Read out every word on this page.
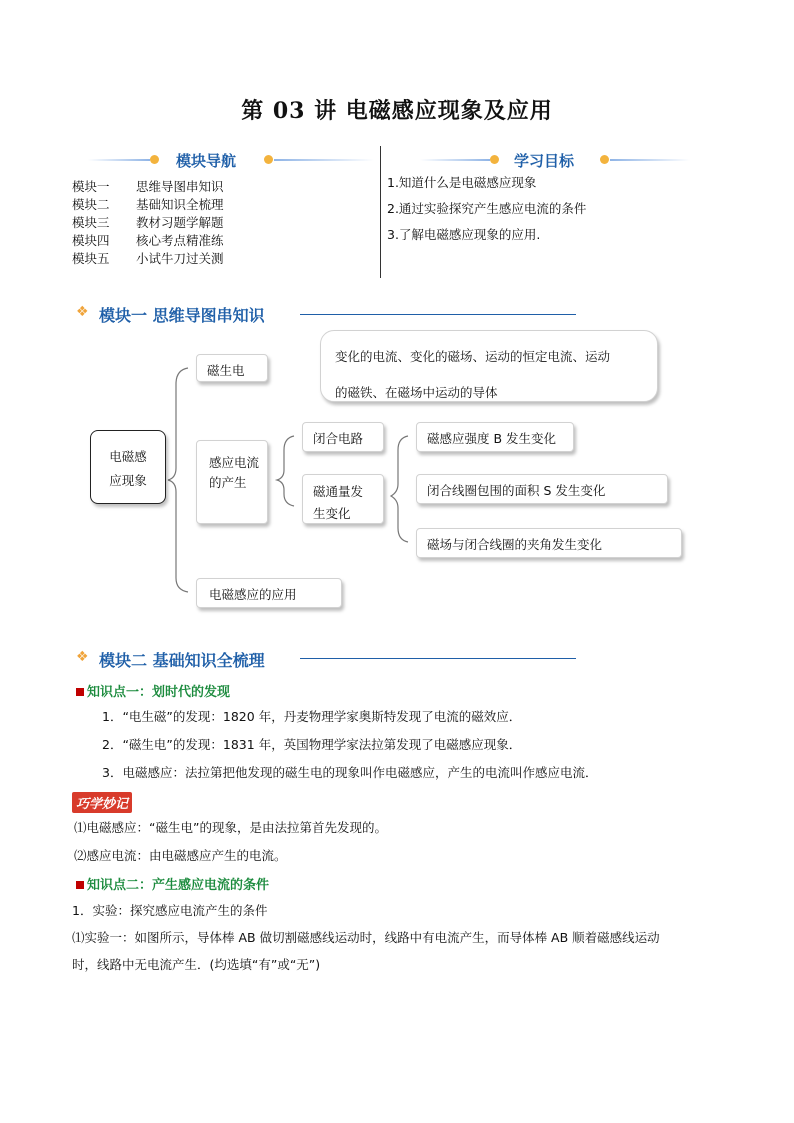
第 03 讲 电磁感应现象及应用
模块导航
模块一 思维导图串知识
模块二 基础知识全梳理
模块三 教材习题学解题
模块四 核心考点精准练
模块五 小试牛刀过关测
学习目标
1.知道什么是电磁感应现象
2.通过实验探究产生感应电流的条件
3.了解电磁感应现象的应用.
❖ 模块一 思维导图串知识
电磁感
应现象
磁生电
变化的电流、变化的磁场、运动的恒定电流、运动
的磁铁、在磁场中运动的导体
感应电流
的产生
闭合电路
磁通量发
生变化
磁感应强度 B 发生变化
闭合线圈包围的面积 S 发生变化
磁场与闭合线圈的夹角发生变化
电磁感应的应用
❖ 模块二 基础知识全梳理
知识点一：划时代的发现
1．“电生磁”的发现：1820 年，丹麦物理学家奥斯特发现了电流的磁效应．
2．“磁生电”的发现：1831 年，英国物理学家法拉第发现了电磁感应现象．
3．电磁感应：法拉第把他发现的磁生电的现象叫作电磁感应，产生的电流叫作感应电流．
巧学妙记
⑴电磁感应：“磁生电”的现象，是由法拉第首先发现的。
⑵感应电流：由电磁感应产生的电流。
知识点二：产生感应电流的条件
1．实验：探究感应电流产生的条件
⑴实验一：如图所示，导体棒 AB 做切割磁感线运动时，线路中有电流产生，而导体棒 AB 顺着磁感线运动
时，线路中无电流产生．(均选填“有”或“无”)
